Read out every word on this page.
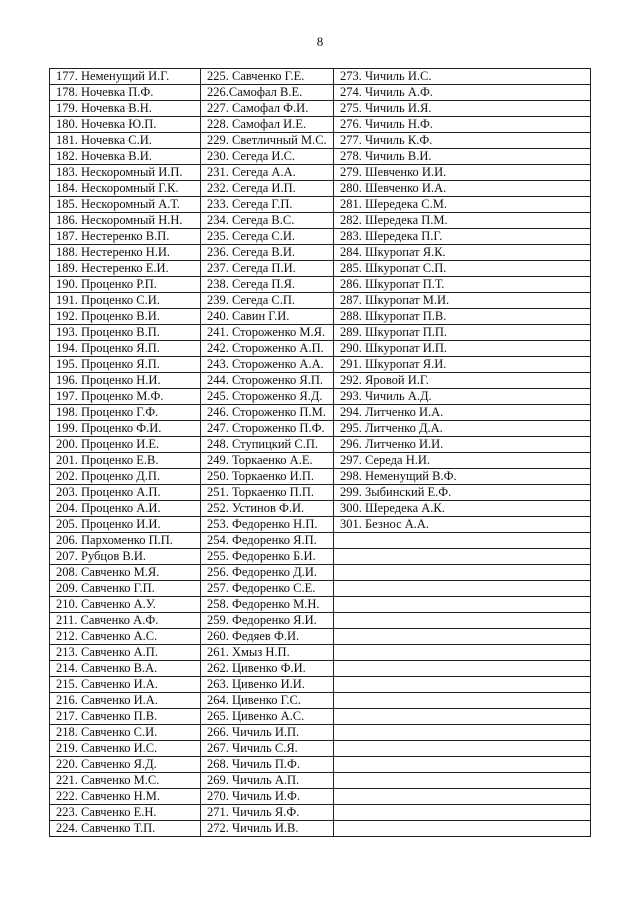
8
177. Неменущий И.Г.	225. Савченко Г.Е.	273. Чичиль И.С.
178. Ночевка П.Ф.	226.Самофал В.Е.	274. Чичиль А.Ф.
179. Ночевка В.Н.	227. Самофал Ф.И.	275. Чичиль И.Я.
180. Ночевка Ю.П.	228. Самофал И.Е.	276. Чичиль Н.Ф.
181. Ночевка С.И.	229. Светличный М.С.	277. Чичиль К.Ф.
182. Ночевка В.И.	230. Сегеда И.С.	278. Чичиль В.И.
183. Нескоромный И.П.	231. Сегеда А.А.	279. Шевченко И.И.
184. Нескоромный Г.К.	232. Сегеда И.П.	280. Шевченко И.А.
185. Нескоромный А.Т.	233. Сегеда Г.П.	281. Шередека С.М.
186. Нескоромный Н.Н.	234. Сегеда В.С.	282. Шередека П.М.
187. Нестеренко В.П.	235. Сегеда С.И.	283. Шередека П.Г.
188. Нестеренко Н.И.	236. Сегеда В.И.	284. Шкуропат Я.К.
189. Нестеренко Е.И.	237. Сегеда П.И.	285. Шкуропат С.П.
190. Проценко Р.П.	238. Сегеда П.Я.	286. Шкуропат П.Т.
191. Проценко С.И.	239. Сегеда С.П.	287. Шкуропат М.И.
192. Проценко В.И.	240. Савин Г.И.	288. Шкуропат П.В.
193. Проценко В.П.	241. Стороженко М.Я.	289. Шкуропат П.П.
194. Проценко Я.П.	242. Стороженко А.П.	290. Шкуропат И.П.
195. Проценко Я.П.	243. Стороженко А.А.	291. Шкуропат Я.И.
196. Проценко Н.И.	244. Стороженко Я.П.	292. Яровой И.Г.
197. Проценко М.Ф.	245. Стороженко Я.Д.	293. Чичиль А.Д.
198. Проценко Г.Ф.	246. Стороженко П.М.	294. Литченко И.А.
199. Проценко Ф.И.	247. Стороженко П.Ф.	295. Литченко Д.А.
200. Проценко И.Е.	248. Ступицкий С.П.	296. Литченко И.И.
201. Проценко Е.В.	249. Торкаенко А.Е.	297. Середа Н.И.
202. Проценко Д.П.	250. Торкаенко И.П.	298. Неменущий В.Ф.
203. Проценко А.П.	251. Торкаенко П.П.	299. Зыбинский Е.Ф.
204. Проценко А.И.	252. Устинов Ф.И.	300. Шередека А.К.
205. Проценко И.И.	253. Федоренко Н.П.	301. Безнос А.А.
206. Пархоменко П.П.	254. Федоренко Я.П.	
207. Рубцов В.И.	255. Федоренко Б.И.	
208. Савченко М.Я.	256. Федоренко Д.И.	
209. Савченко Г.П.	257. Федоренко С.Е.	
210. Савченко А.У.	258. Федоренко М.Н.	
211. Савченко А.Ф.	259. Федоренко Я.И.	
212. Савченко А.С.	260. Федяев Ф.И.	
213. Савченко А.П.	261. Хмыз Н.П.	
214. Савченко В.А.	262. Цивенко Ф.И.	
215. Савченко И.А.	263. Цивенко И.И.	
216. Савченко И.А.	264. Цивенко Г.С.	
217. Савченко П.В.	265. Цивенко А.С.	
218. Савченко С.И.	266. Чичиль И.П.	
219. Савченко И.С.	267. Чичиль С.Я.	
220. Савченко Я.Д.	268. Чичиль П.Ф.	
221. Савченко М.С.	269. Чичиль А.П.	
222. Савченко Н.М.	270. Чичиль И.Ф.	
223. Савченко Е.Н.	271. Чичиль Я.Ф.	
224. Савченко Т.П.	272. Чичиль И.В.	
